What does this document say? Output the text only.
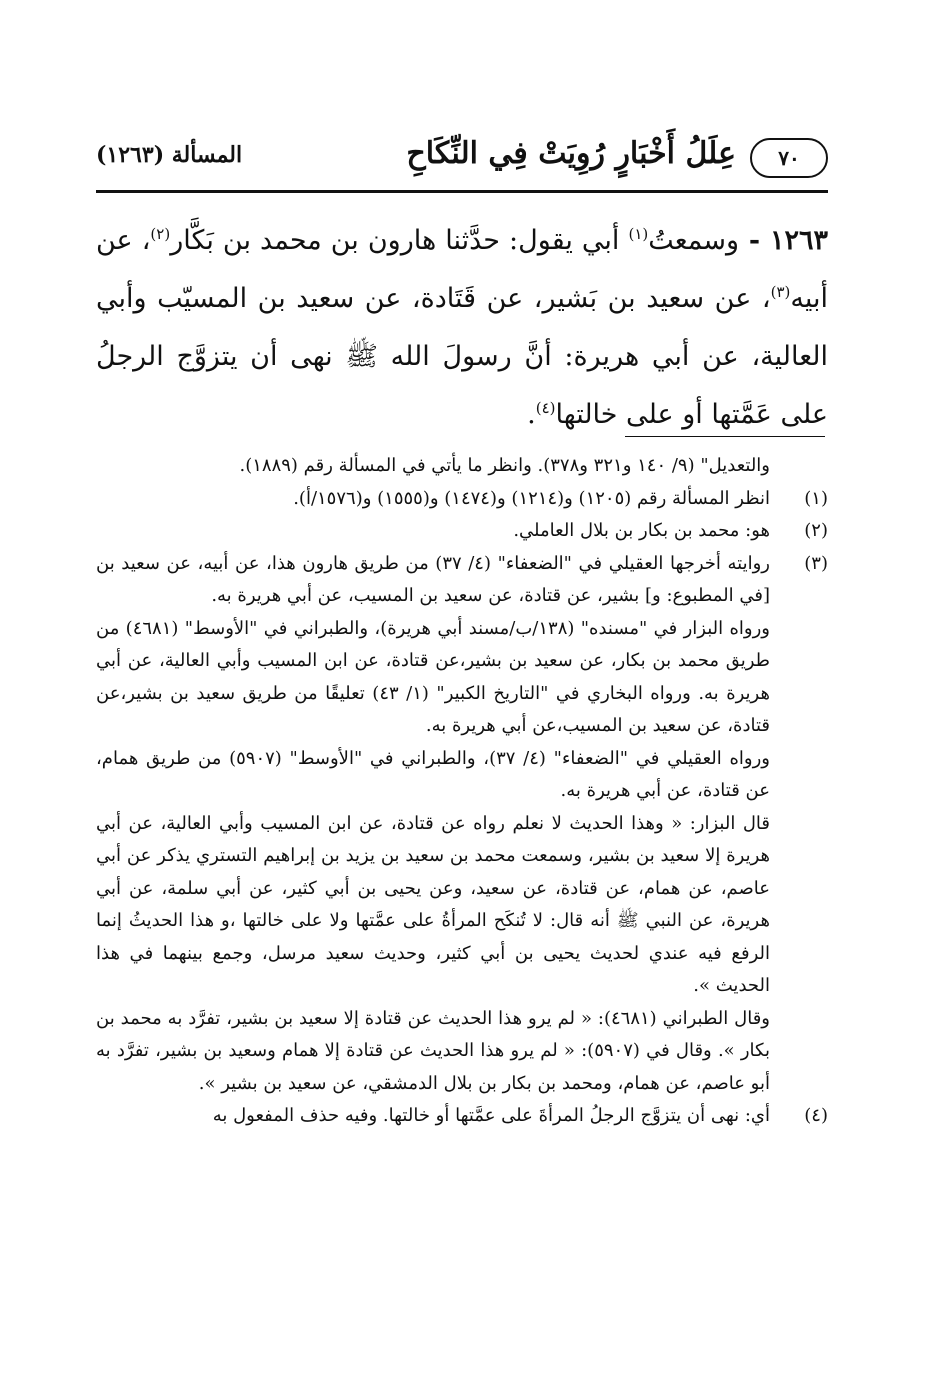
٧٠
عِلَلُ أَخْبَارٍ رُوِيَتْ فِي النِّكَاحِ
المسألة (١٢٦٣)
١٢٦٣ - وسمعتُ$^{(١)}$ أبي يقول: حدَّثنا هارون بن محمد بن بَكَّار$^{(٢)}$، عن أبيه$^{(٣)}$، عن سعيد بن بَشير، عن قَتَادة، عن سعيد بن المسيّب وأبي العالية، عن أبي هريرة: أنَّ رسولَ الله ﷺ نهى أن يتزوَّج الرجلُ على عَمَّتها أو على خالتها$^{(٤)}$.

والتعديل" (٩/ ١٤٠ و٣٢١ و٣٧٨). وانظر ما يأتي في المسألة رقم (١٨٨٩).

(١)

انظر المسألة رقم (١٢٠٥) و(١٢١٤) و(١٤٧٤) و(١٥٥٥) و(١٥٧٦/أ).

(٢)

هو: محمد بن بكار بن بلال العاملي.

(٣)

روايته أخرجها العقيلي في "الضعفاء" (٤/ ٣٧) من طريق هارون هذا، عن أبيه، عن سعيد بن [في المطبوع: و] بشير، عن قتادة، عن سعيد بن المسيب، عن أبي هريرة به.

ورواه البزار في "مسنده" (١٣٨/ب/مسند أبي هريرة)، والطبراني في "الأوسط" (٤٦٨١) من طريق محمد بن بكار، عن سعيد بن بشير،عن قتادة، عن ابن المسيب وأبي العالية، عن أبي هريرة به. ورواه البخاري في "التاريخ الكبير" (١/ ٤٣) تعليقًا من طريق سعيد بن بشير،عن قتادة، عن سعيد بن المسيب،عن أبي هريرة به.

ورواه العقيلي في "الضعفاء" (٤/ ٣٧)، والطبراني في "الأوسط" (٥٩٠٧) من طريق همام، عن قتادة، عن أبي هريرة به.

قال البزار: « وهذا الحديث لا نعلم رواه عن قتادة، عن ابن المسيب وأبي العالية، عن أبي هريرة إلا سعيد بن بشير، وسمعت محمد بن سعيد بن يزيد بن إبراهيم التستري يذكر عن أبي عاصم، عن همام، عن قتادة، عن سعيد، وعن يحيى بن أبي كثير، عن أبي سلمة، عن أبي هريرة، عن النبي ﷺ أنه قال: لا تُنكَح المرأةُ على عمَّتها ولا على خالتها ،و هذا الحديثُ إنما الرفع فيه عندي لحديث يحيى بن أبي كثير، وحديث سعيد مرسل، وجمع بينهما في هذا الحديث ».

وقال الطبراني (٤٦٨١): « لم يرو هذا الحديث عن قتادة إلا سعيد بن بشير، تفرَّد به محمد بن بكار ». وقال في (٥٩٠٧): « لم يرو هذا الحديث عن قتادة إلا همام وسعيد بن بشير، تفرَّد به أبو عاصم، عن همام، ومحمد بن بكار بن بلال الدمشقي، عن سعيد بن بشير ».

(٤)

أي: نهى أن يتزوَّج الرجلُ المرأةَ على عمَّتها أو خالتها. وفيه حذف المفعول به
